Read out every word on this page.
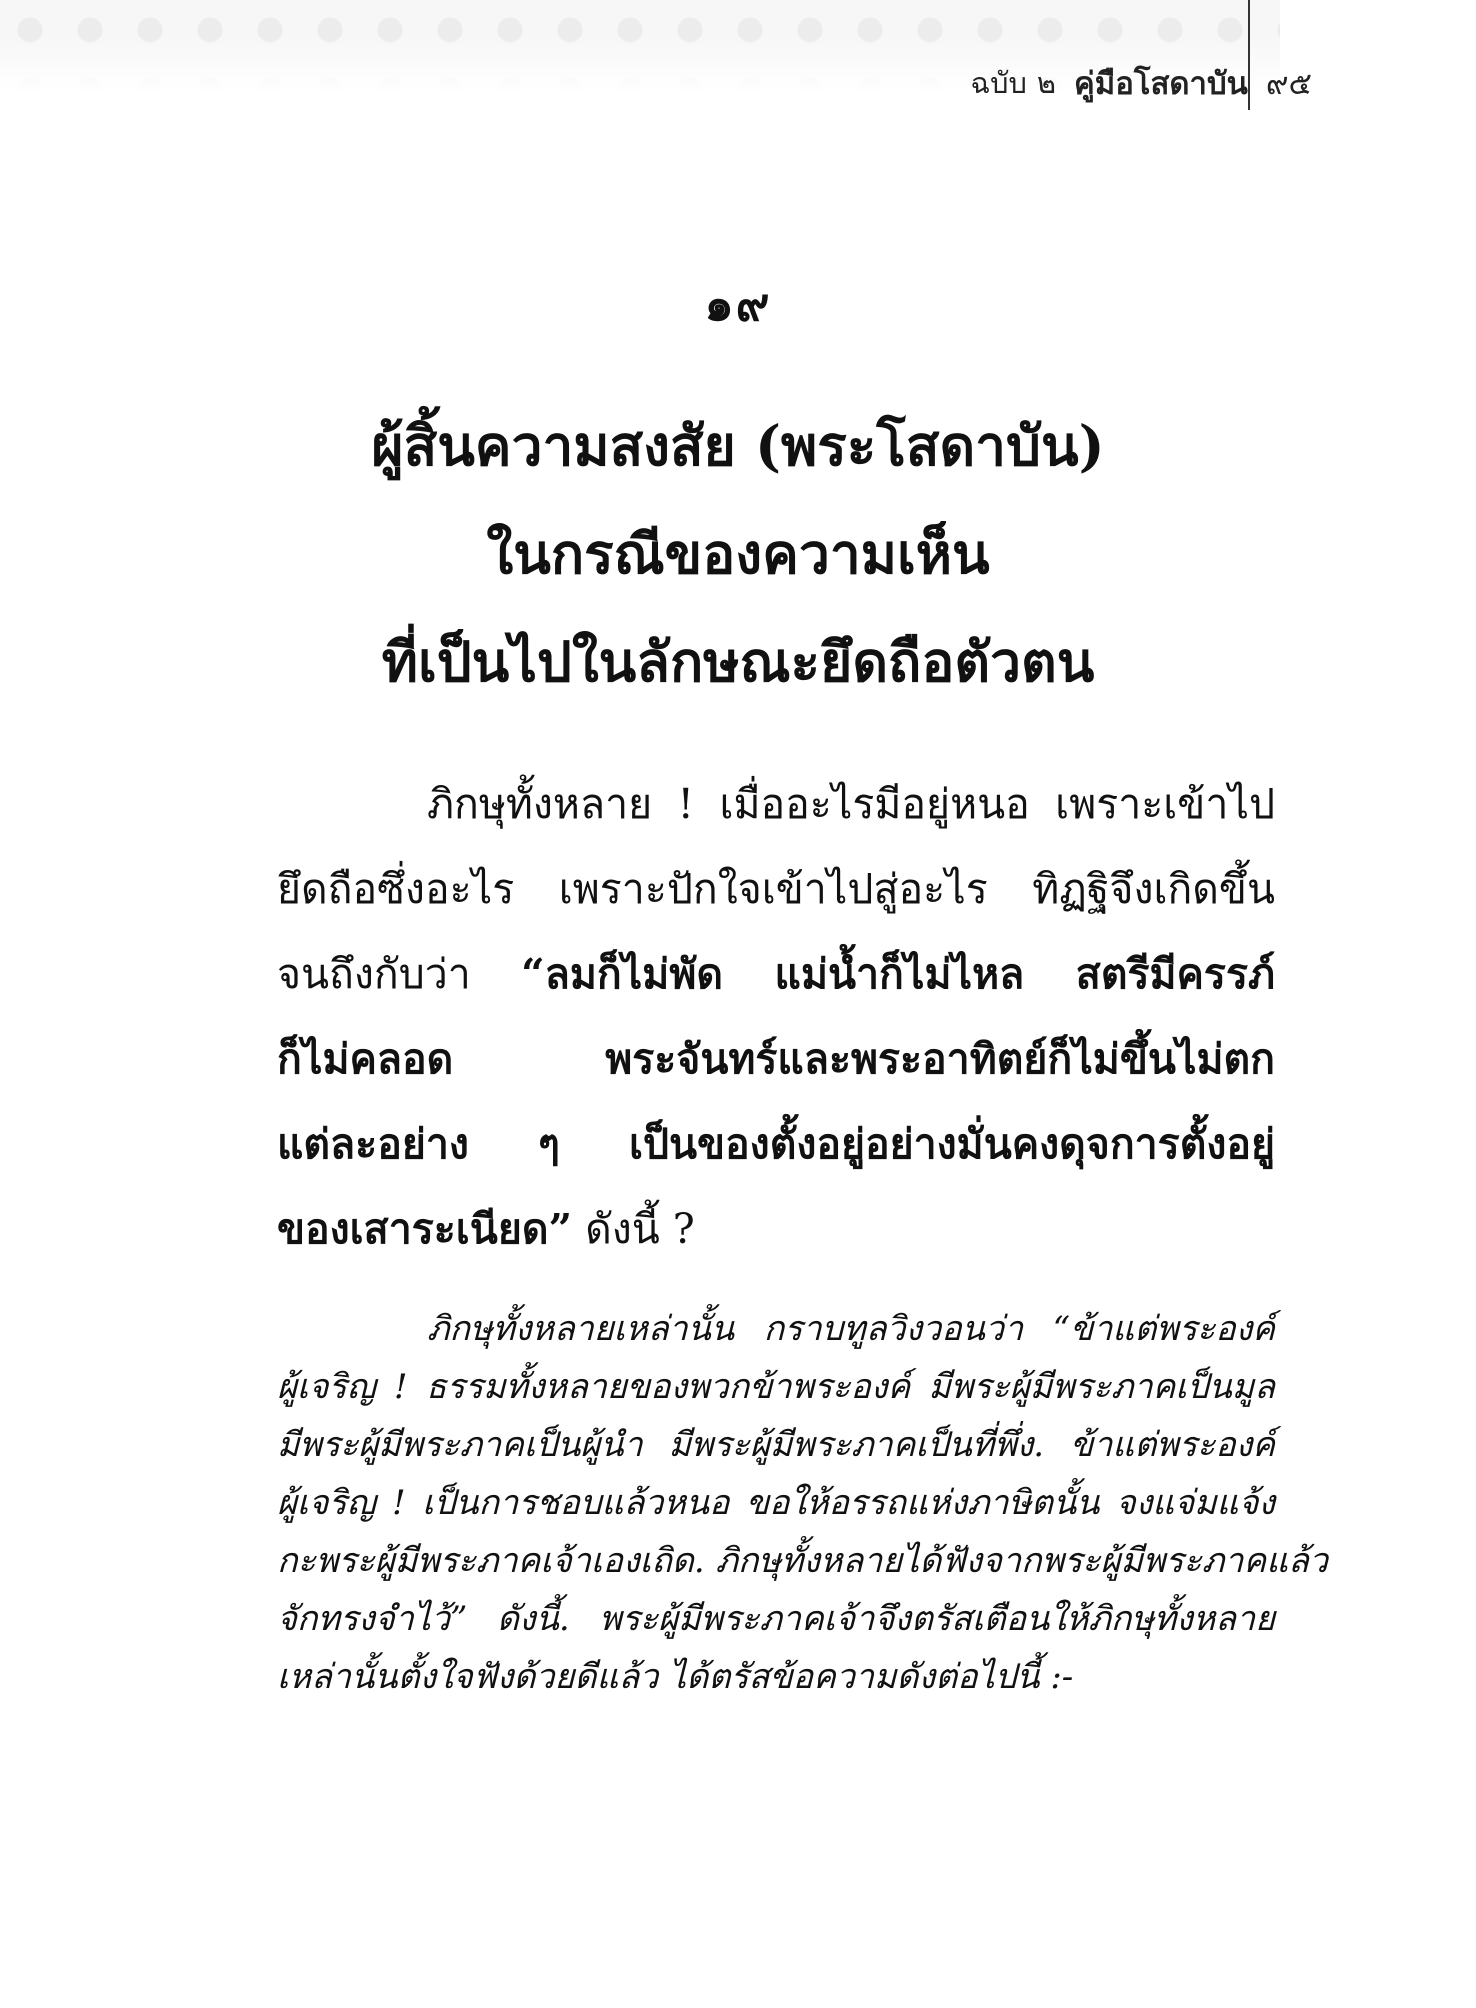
ฉบับ ๒ คู่มือโสดาบัน ๙๕
๑๙
ผู้สิ้นความสงสัย (พระโสดาบัน)
ในกรณีของความเห็น
ที่เป็นไปในลักษณะยึดถือตัวตน
ภิกษุทั้งหลาย ! เมื่ออะไรมีอยู่หนอ เพราะเข้าไป
ยึดถือซึ่งอะไร เพราะปักใจเข้าไปสู่อะไร ทิฏฐิจึงเกิดขึ้น
จนถึงกับว่า “ลมก็ไม่พัด แม่น้ำก็ไม่ไหล สตรีมีครรภ์
ก็ไม่คลอด พระจันทร์และพระอาทิตย์ก็ไม่ขึ้นไม่ตก
แต่ละอย่าง ๆ เป็นของตั้งอยู่อย่างมั่นคงดุจการตั้งอยู่
ของเสาระเนียด” ดังนี้ ?
ภิกษุทั้งหลายเหล่านั้น กราบทูลวิงวอนว่า “ข้าแต่พระองค์
ผู้เจริญ ! ธรรมทั้งหลายของพวกข้าพระองค์ มีพระผู้มีพระภาคเป็นมูล
มีพระผู้มีพระภาคเป็นผู้นำ มีพระผู้มีพระภาคเป็นที่พึ่ง. ข้าแต่พระองค์
ผู้เจริญ ! เป็นการชอบแล้วหนอ ขอให้อรรถแห่งภาษิตนั้น จงแจ่มแจ้ง
กะพระผู้มีพระภาคเจ้าเองเถิด. ภิกษุทั้งหลายได้ฟังจากพระผู้มีพระภาคแล้ว
จักทรงจำไว้” ดังนี้. พระผู้มีพระภาคเจ้าจึงตรัสเตือนให้ภิกษุทั้งหลาย
เหล่านั้นตั้งใจฟังด้วยดีแล้ว ได้ตรัสข้อความดังต่อไปนี้ :-
